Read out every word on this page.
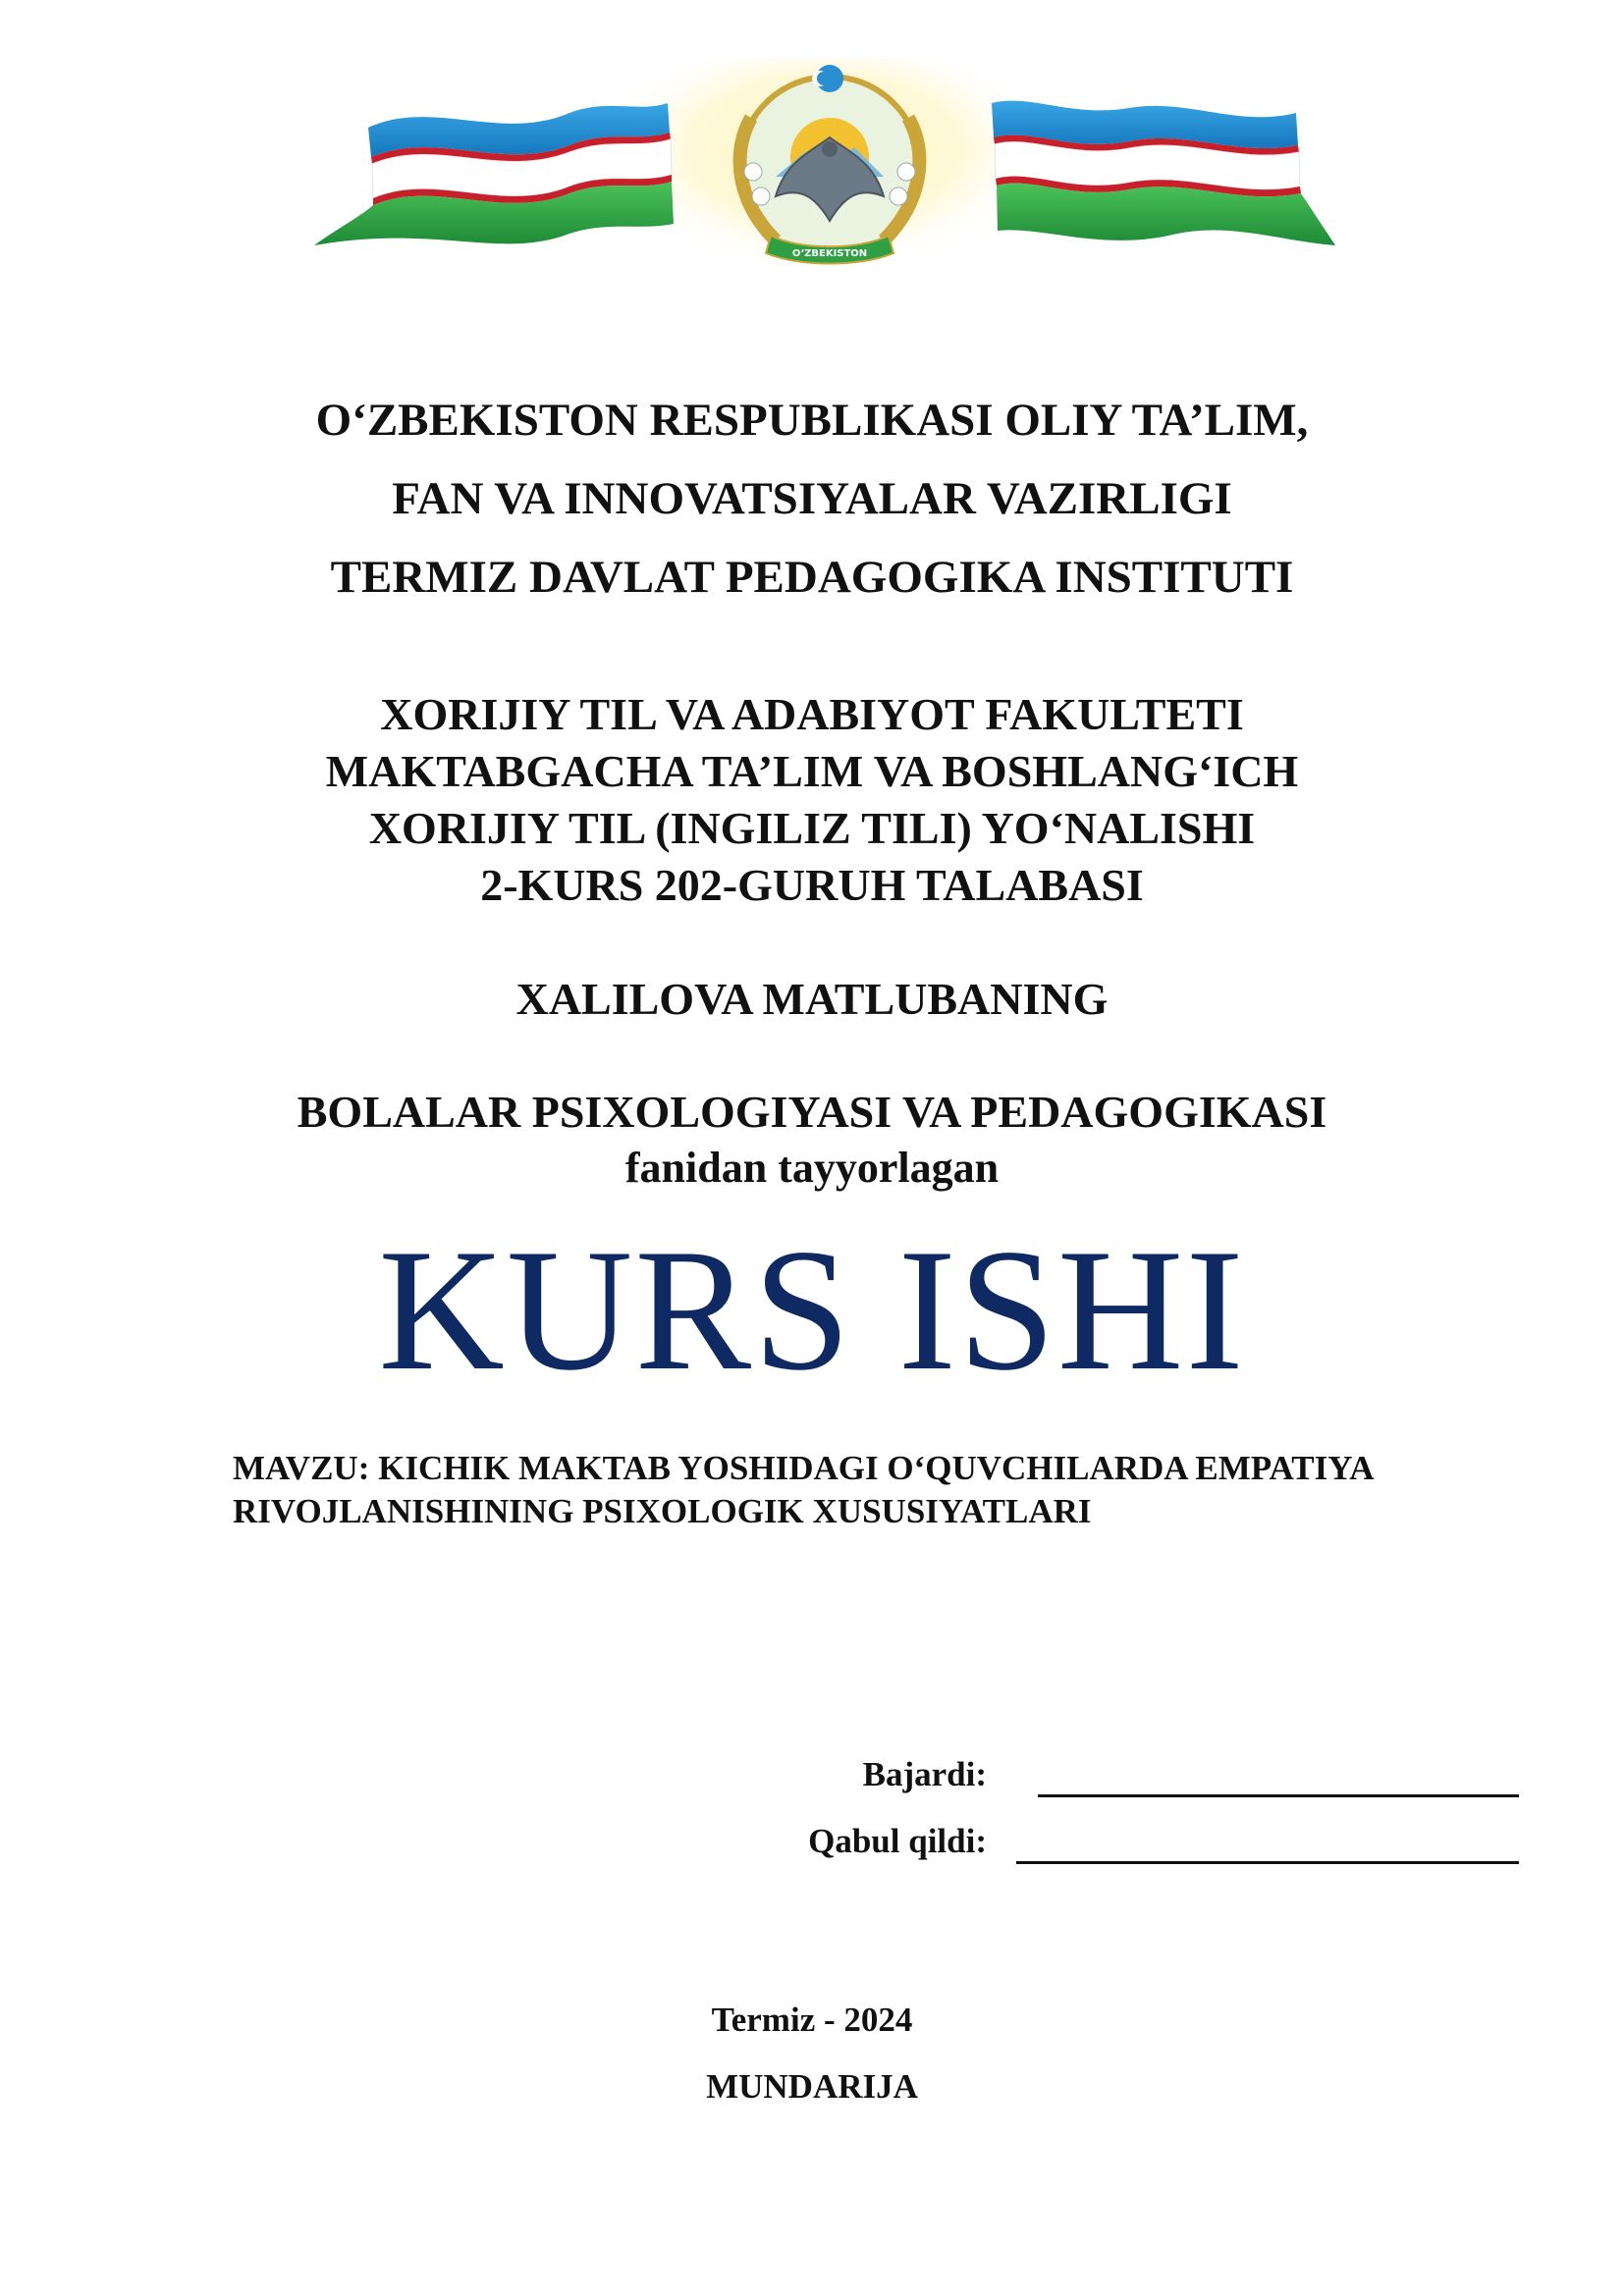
O‘ZBEKISTON
O‘ZBEKISTON RESPUBLIKASI OLIY TA’LIM,
FAN VA INNOVATSIYALAR VAZIRLIGI
TERMIZ DAVLAT PEDAGOGIKA INSTITUTI
XORIJIY TIL VA ADABIYOT FAKULTETI
MAKTABGACHA TA’LIM VA BOSHLANG‘ICH
XORIJIY TIL (INGILIZ TILI) YO‘NALISHI
2-KURS 202-GURUH TALABASI
XALILOVA MATLUBANING
BOLALAR PSIXOLOGIYASI VA PEDAGOGIKASI
fanidan tayyorlagan
KURS ISHI
MAVZU: KICHIK MAKTAB YOSHIDAGI O‘QUVCHILARDA EMPATIYA
RIVOJLANISHINING PSIXOLOGIK XUSUSIYATLARI
Bajardi:
Qabul qildi:
Termiz - 2024
MUNDARIJA
